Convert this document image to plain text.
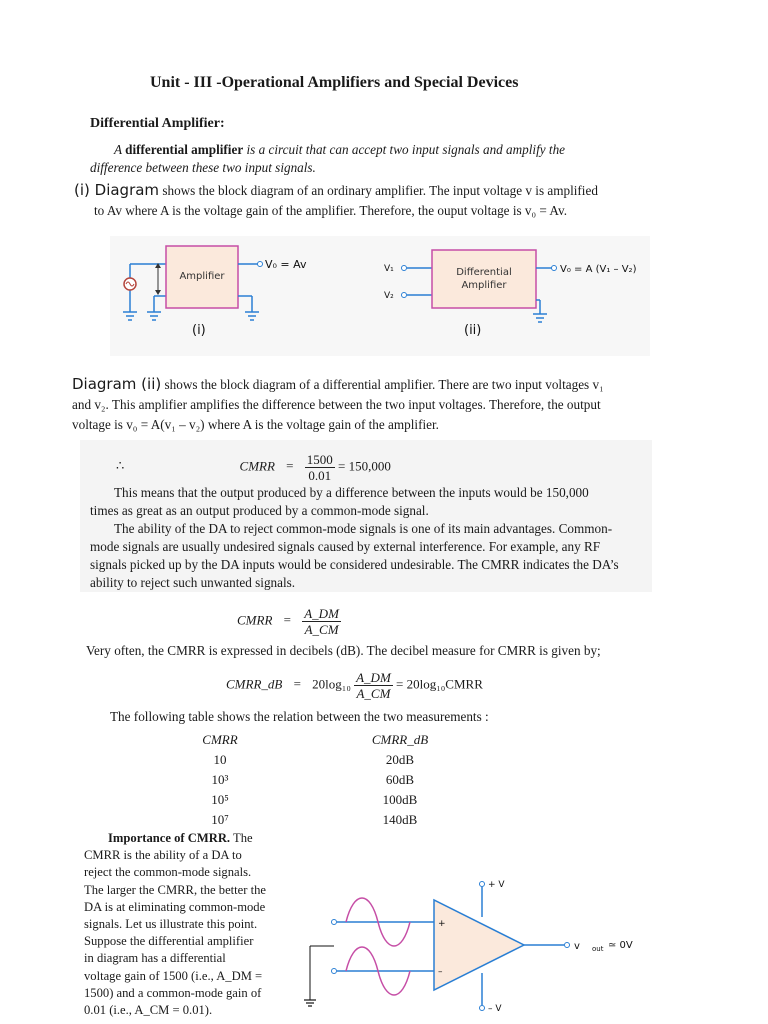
Unit - III -Operational Amplifiers and Special Devices
Differential Amplifier:
A differential amplifier is a circuit that can accept two input signals and amplify the
difference between these two input signals.
(i) Diagram shows the block diagram of an ordinary amplifier. The input voltage v is amplified
to Av where A is the voltage gain of the amplifier. Therefore, the ouput voltage is v₀ = Av.
Amplifier
V₀ = Av
(i)
V₁
V₂
Differential
Amplifier
V₀ = A (V₁ – V₂)
(ii)
Diagram (ii) shows the block diagram of a differential amplifier. There are two input voltages v₁
and v₂. This amplifier amplifies the difference between the two input voltages. Therefore, the output
voltage is v₀ = A(v₁ – v₂) where A is the voltage gain of the amplifier.
∴	CMRR = $\frac{1500}{0.01} = 150,000$
This means that the output produced by a difference between the inputs would be 150,000
times as great as an output produced by a common-mode signal.
The ability of the DA to reject common-mode signals is one of its main advantages. Common-
mode signals are usually undesired signals caused by external interference. For example, any RF
signals picked up by the DA inputs would be considered undesirable. The CMRR indicates the DA’s
ability to reject such unwanted signals.
CMRR = $\frac{A\_DM}{A\_CM}$
Very often, the CMRR is expressed in decibels (dB). The decibel measure for CMRR is given by;
CMRR_dB = $20\log_{10} \frac{A\_DM}{A\_CM}$ = 20log₁₀CMRR
The following table shows the relation between the two measurements :
CMRR	CMRR_dB
10	20dB
10³	60dB
10⁵	100dB
10⁷	140dB
Importance of CMRR. The
CMRR is the ability of a DA to
reject the common-mode signals.
The larger the CMRR, the better the
DA is at eliminating common-mode
signals. Let us illustrate this point.
Suppose the differential amplifier
in diagram has a differential
voltage gain of 1500 (i.e., A_DM =
1500) and a common-mode gain of
0.01 (i.e., A_CM = 0.01).
+ V
– V
+
–
v out ≃ 0V
